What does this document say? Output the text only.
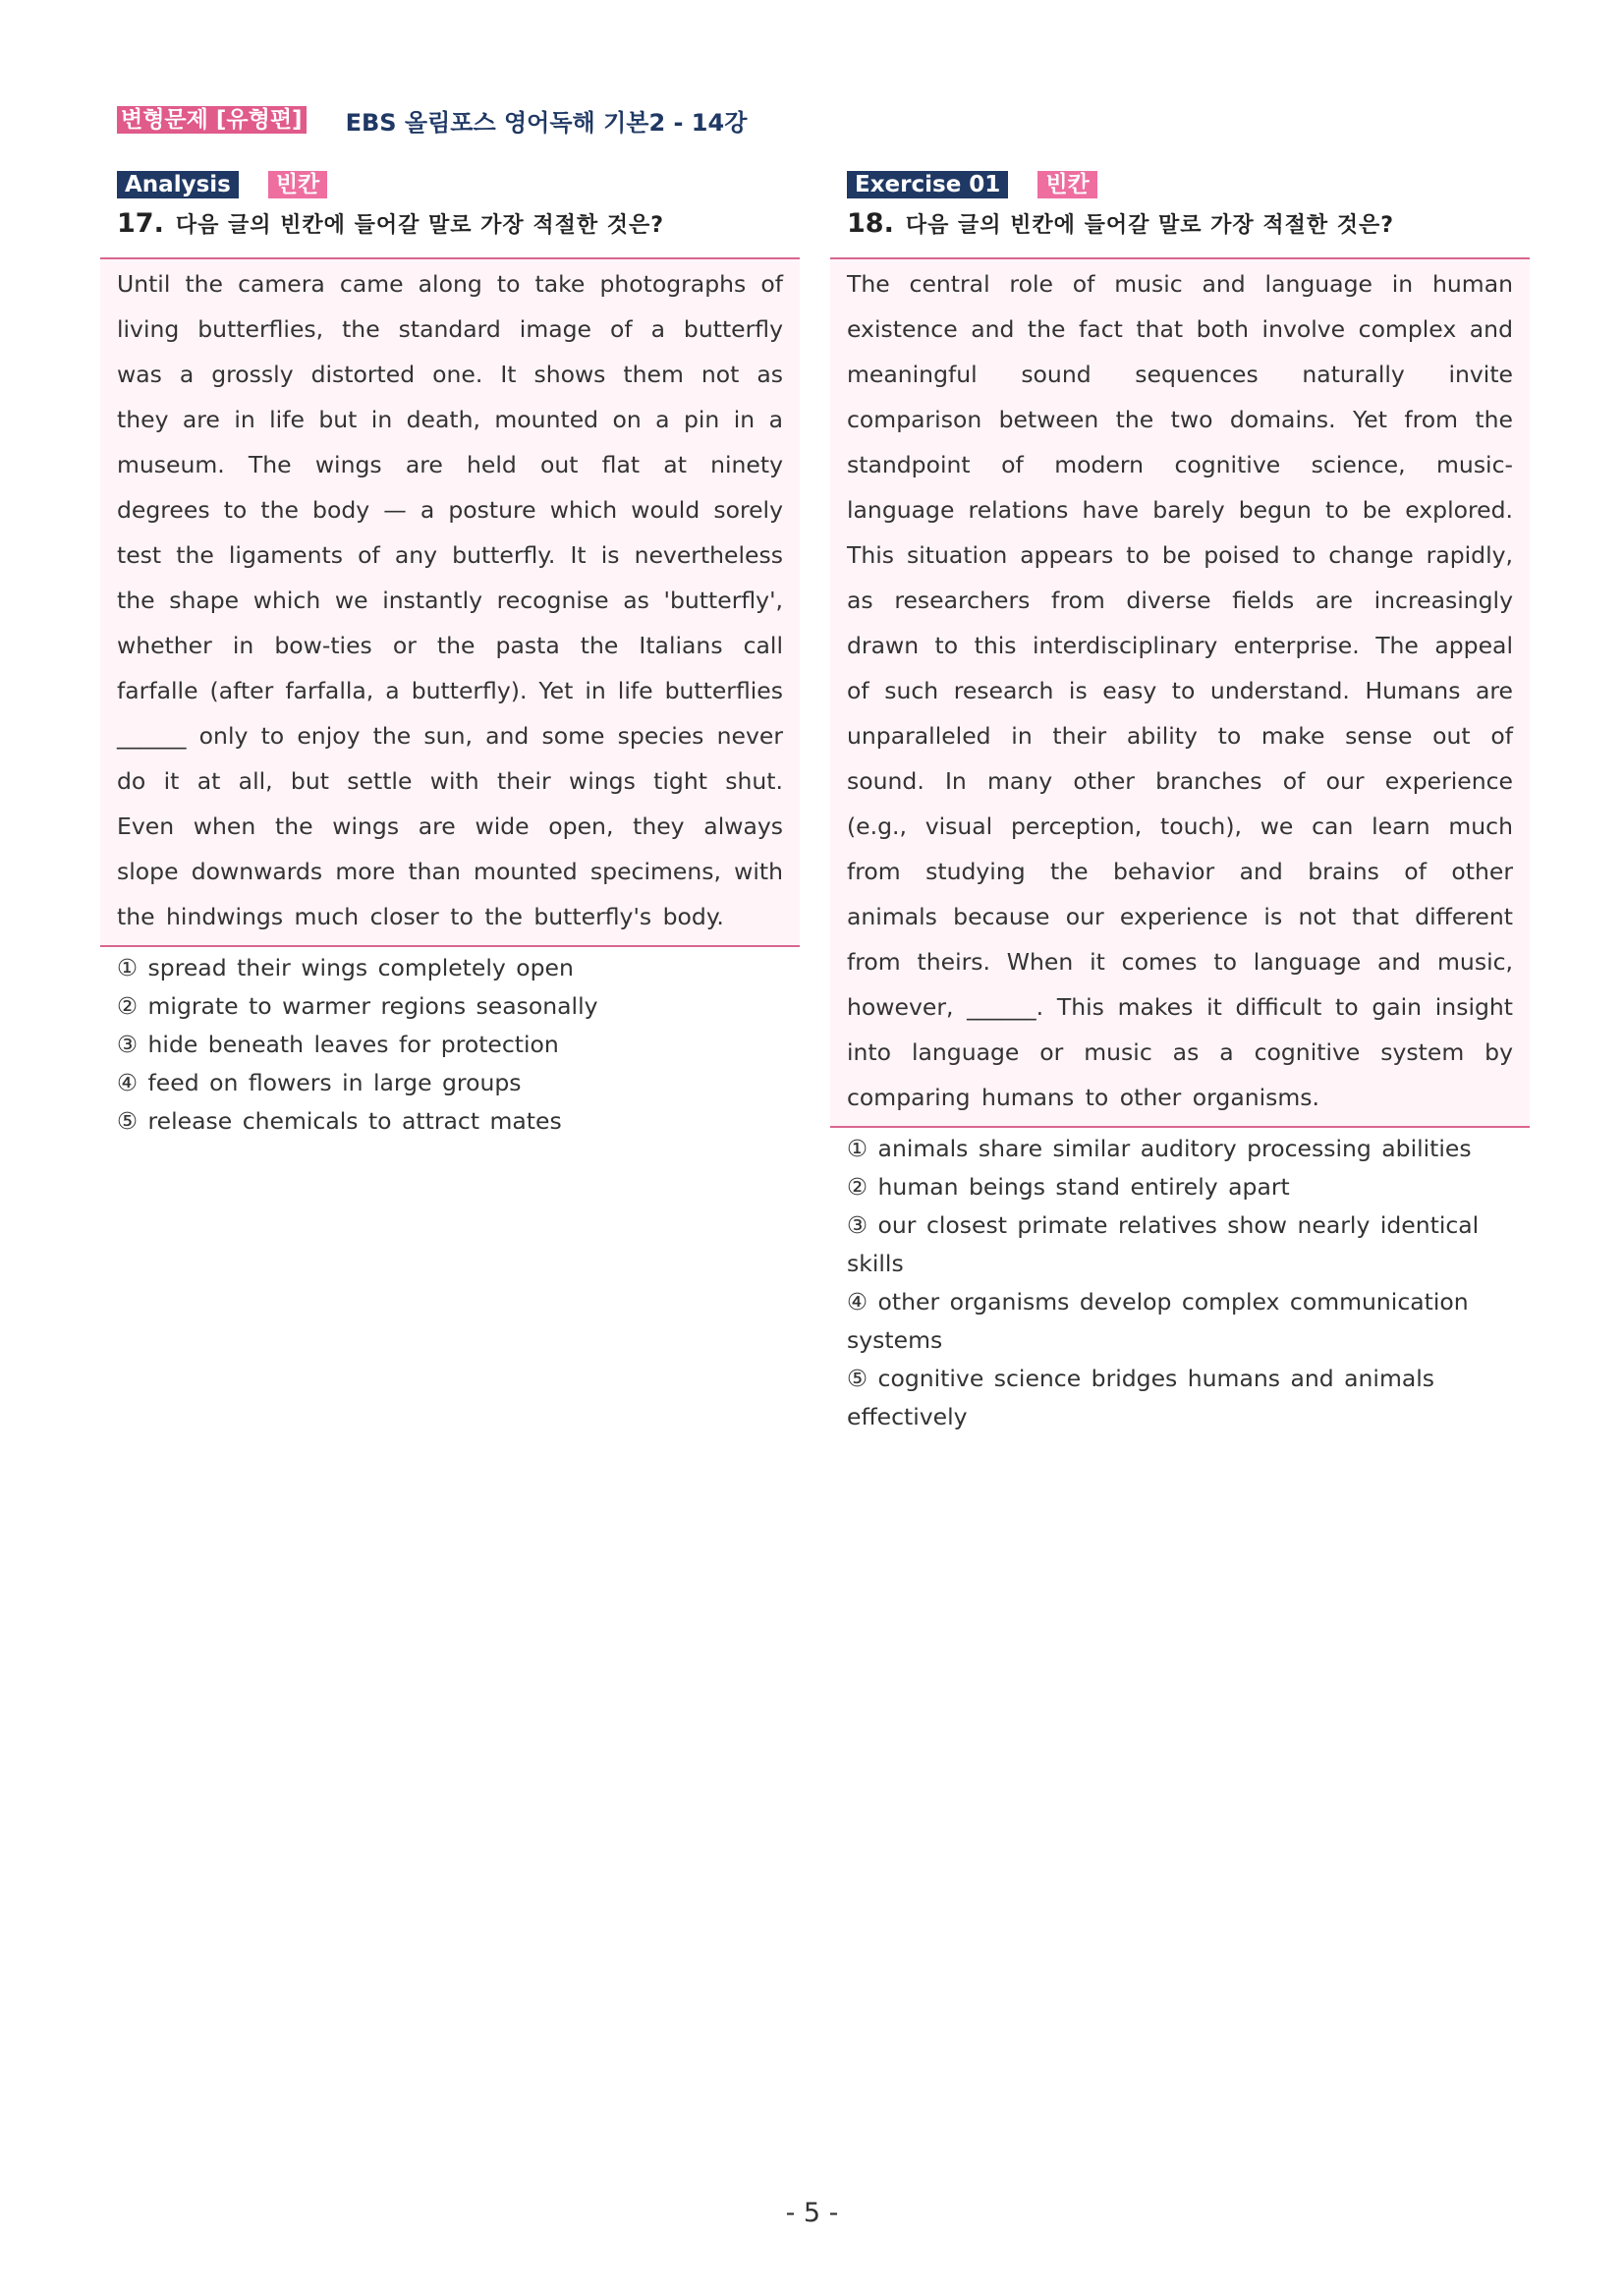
변형문제 [유형편] EBS 올림포스 영어독해 기본2 - 14강
Analysis	빈칸
17. 다음 글의 빈칸에 들어갈 말로 가장 적절한 것은?
Until the camera came along to take photographs of living butterflies, the standard image of a butterfly was a grossly distorted one. It shows them not as they are in life but in death, mounted on a pin in a museum. The wings are held out flat at ninety degrees to the body — a posture which would sorely test the ligaments of any butterfly. It is nevertheless the shape which we instantly recognise as 'butterfly', whether in bow-ties or the pasta the Italians call farfalle (after farfalla, a butterfly). Yet in life butterflies ______ only to enjoy the sun, and some species never do it at all, but settle with their wings tight shut. Even when the wings are wide open, they always slope downwards more than mounted specimens, with the hindwings much closer to the butterfly's body.
① spread their wings completely open
② migrate to warmer regions seasonally
③ hide beneath leaves for protection
④ feed on flowers in large groups
⑤ release chemicals to attract mates
Exercise 01	빈칸
18. 다음 글의 빈칸에 들어갈 말로 가장 적절한 것은?
The central role of music and language in human existence and the fact that both involve complex and meaningful sound sequences naturally invite comparison between the two domains. Yet from the standpoint of modern cognitive science, music-language relations have barely begun to be explored. This situation appears to be poised to change rapidly, as researchers from diverse fields are increasingly drawn to this interdisciplinary enterprise. The appeal of such research is easy to understand. Humans are unparalleled in their ability to make sense out of sound. In many other branches of our experience (e.g., visual perception, touch), we can learn much from studying the behavior and brains of other animals because our experience is not that different from theirs. When it comes to language and music, however, ______. This makes it difficult to gain insight into language or music as a cognitive system by comparing humans to other organisms.
① animals share similar auditory processing abilities
② human beings stand entirely apart
③ our closest primate relatives show nearly identical skills
④ other organisms develop complex communication systems
⑤ cognitive science bridges humans and animals effectively
- 5 -
